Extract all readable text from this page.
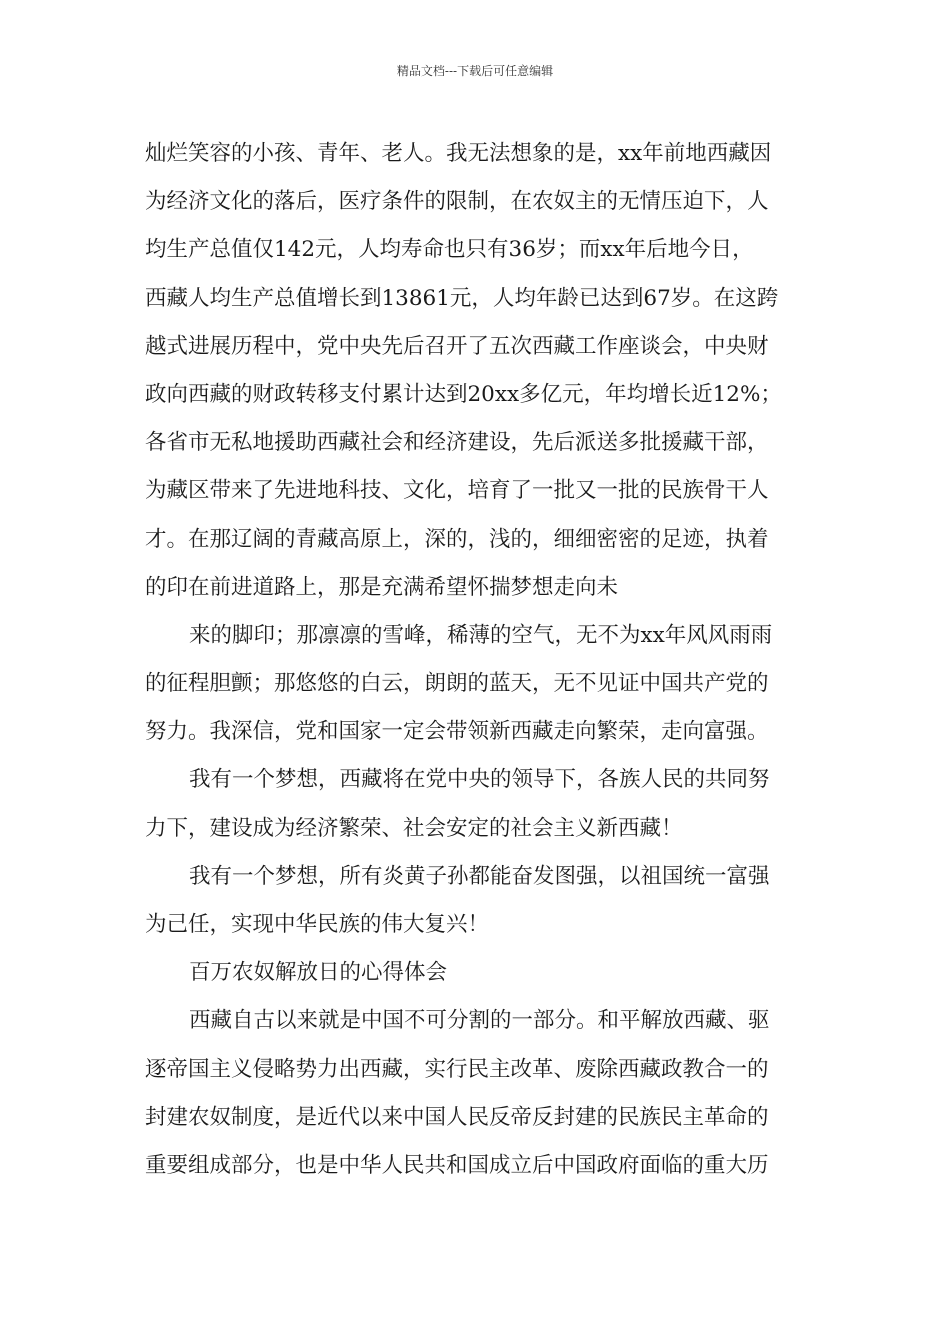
精品文档---下载后可任意编辑
灿烂笑容的小孩、青年、老人。我无法想象的是，xx年前地西藏因
为经济文化的落后，医疗条件的限制，在农奴主的无情压迫下，人
均生产总值仅142元，人均寿命也只有36岁；而xx年后地今日，
西藏人均生产总值增长到13861元，人均年龄已达到67岁。在这跨
越式进展历程中，党中央先后召开了五次西藏工作座谈会，中央财
政向西藏的财政转移支付累计达到20xx多亿元，年均增长近12%；
各省市无私地援助西藏社会和经济建设，先后派送多批援藏干部，
为藏区带来了先进地科技、文化，培育了一批又一批的民族骨干人
才。在那辽阔的青藏高原上，深的，浅的，细细密密的足迹，执着
的印在前进道路上，那是充满希望怀揣梦想走向未
来的脚印；那凛凛的雪峰，稀薄的空气，无不为xx年风风雨雨
的征程胆颤；那悠悠的白云，朗朗的蓝天，无不见证中国共产党的
努力。我深信，党和国家一定会带领新西藏走向繁荣，走向富强。
我有一个梦想，西藏将在党中央的领导下，各族人民的共同努
力下，建设成为经济繁荣、社会安定的社会主义新西藏！
我有一个梦想，所有炎黄子孙都能奋发图强，以祖国统一富强
为己任，实现中华民族的伟大复兴！
百万农奴解放日的心得体会
西藏自古以来就是中国不可分割的一部分。和平解放西藏、驱
逐帝国主义侵略势力出西藏，实行民主改革、废除西藏政教合一的
封建农奴制度，是近代以来中国人民反帝反封建的民族民主革命的
重要组成部分，也是中华人民共和国成立后中国政府面临的重大历
